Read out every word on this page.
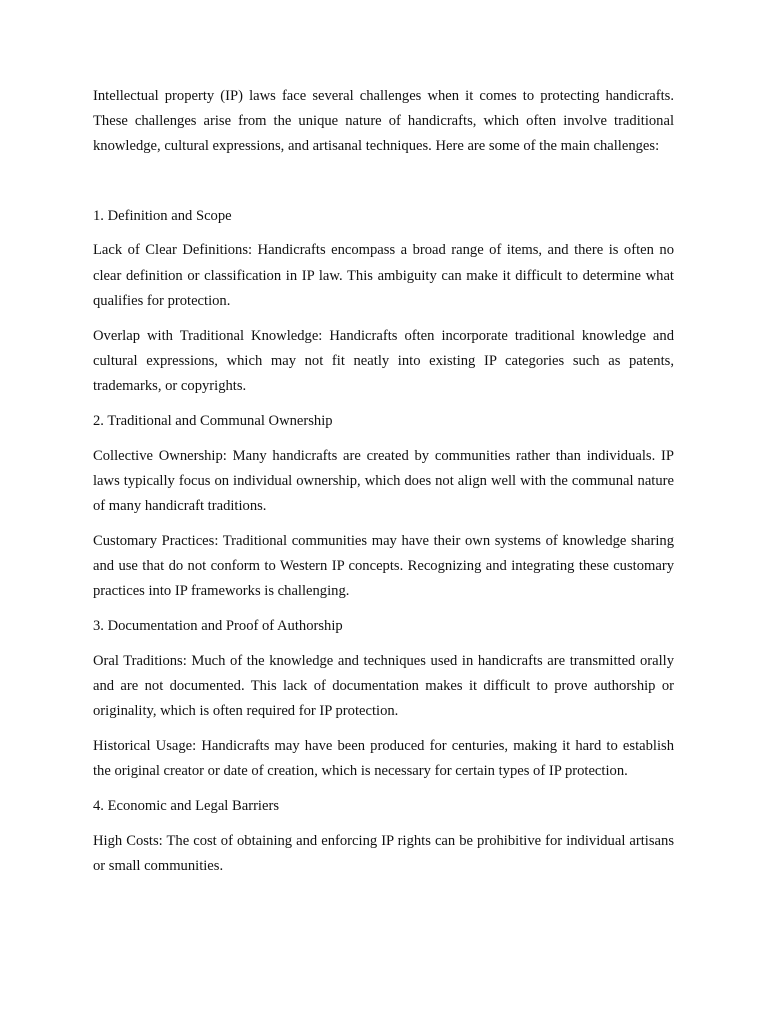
Intellectual property (IP) laws face several challenges when it comes to protecting handicrafts. These challenges arise from the unique nature of handicrafts, which often involve traditional knowledge, cultural expressions, and artisanal techniques. Here are some of the main challenges:

1. Definition and Scope

Lack of Clear Definitions: Handicrafts encompass a broad range of items, and there is often no clear definition or classification in IP law. This ambiguity can make it difficult to determine what qualifies for protection.

Overlap with Traditional Knowledge: Handicrafts often incorporate traditional knowledge and cultural expressions, which may not fit neatly into existing IP categories such as patents, trademarks, or copyrights.

2. Traditional and Communal Ownership

Collective Ownership: Many handicrafts are created by communities rather than individuals. IP laws typically focus on individual ownership, which does not align well with the communal nature of many handicraft traditions.

Customary Practices: Traditional communities may have their own systems of knowledge sharing and use that do not conform to Western IP concepts. Recognizing and integrating these customary practices into IP frameworks is challenging.

3. Documentation and Proof of Authorship

Oral Traditions: Much of the knowledge and techniques used in handicrafts are transmitted orally and are not documented. This lack of documentation makes it difficult to prove authorship or originality, which is often required for IP protection.

Historical Usage: Handicrafts may have been produced for centuries, making it hard to establish the original creator or date of creation, which is necessary for certain types of IP protection.

4. Economic and Legal Barriers

High Costs: The cost of obtaining and enforcing IP rights can be prohibitive for individual artisans or small communities.
